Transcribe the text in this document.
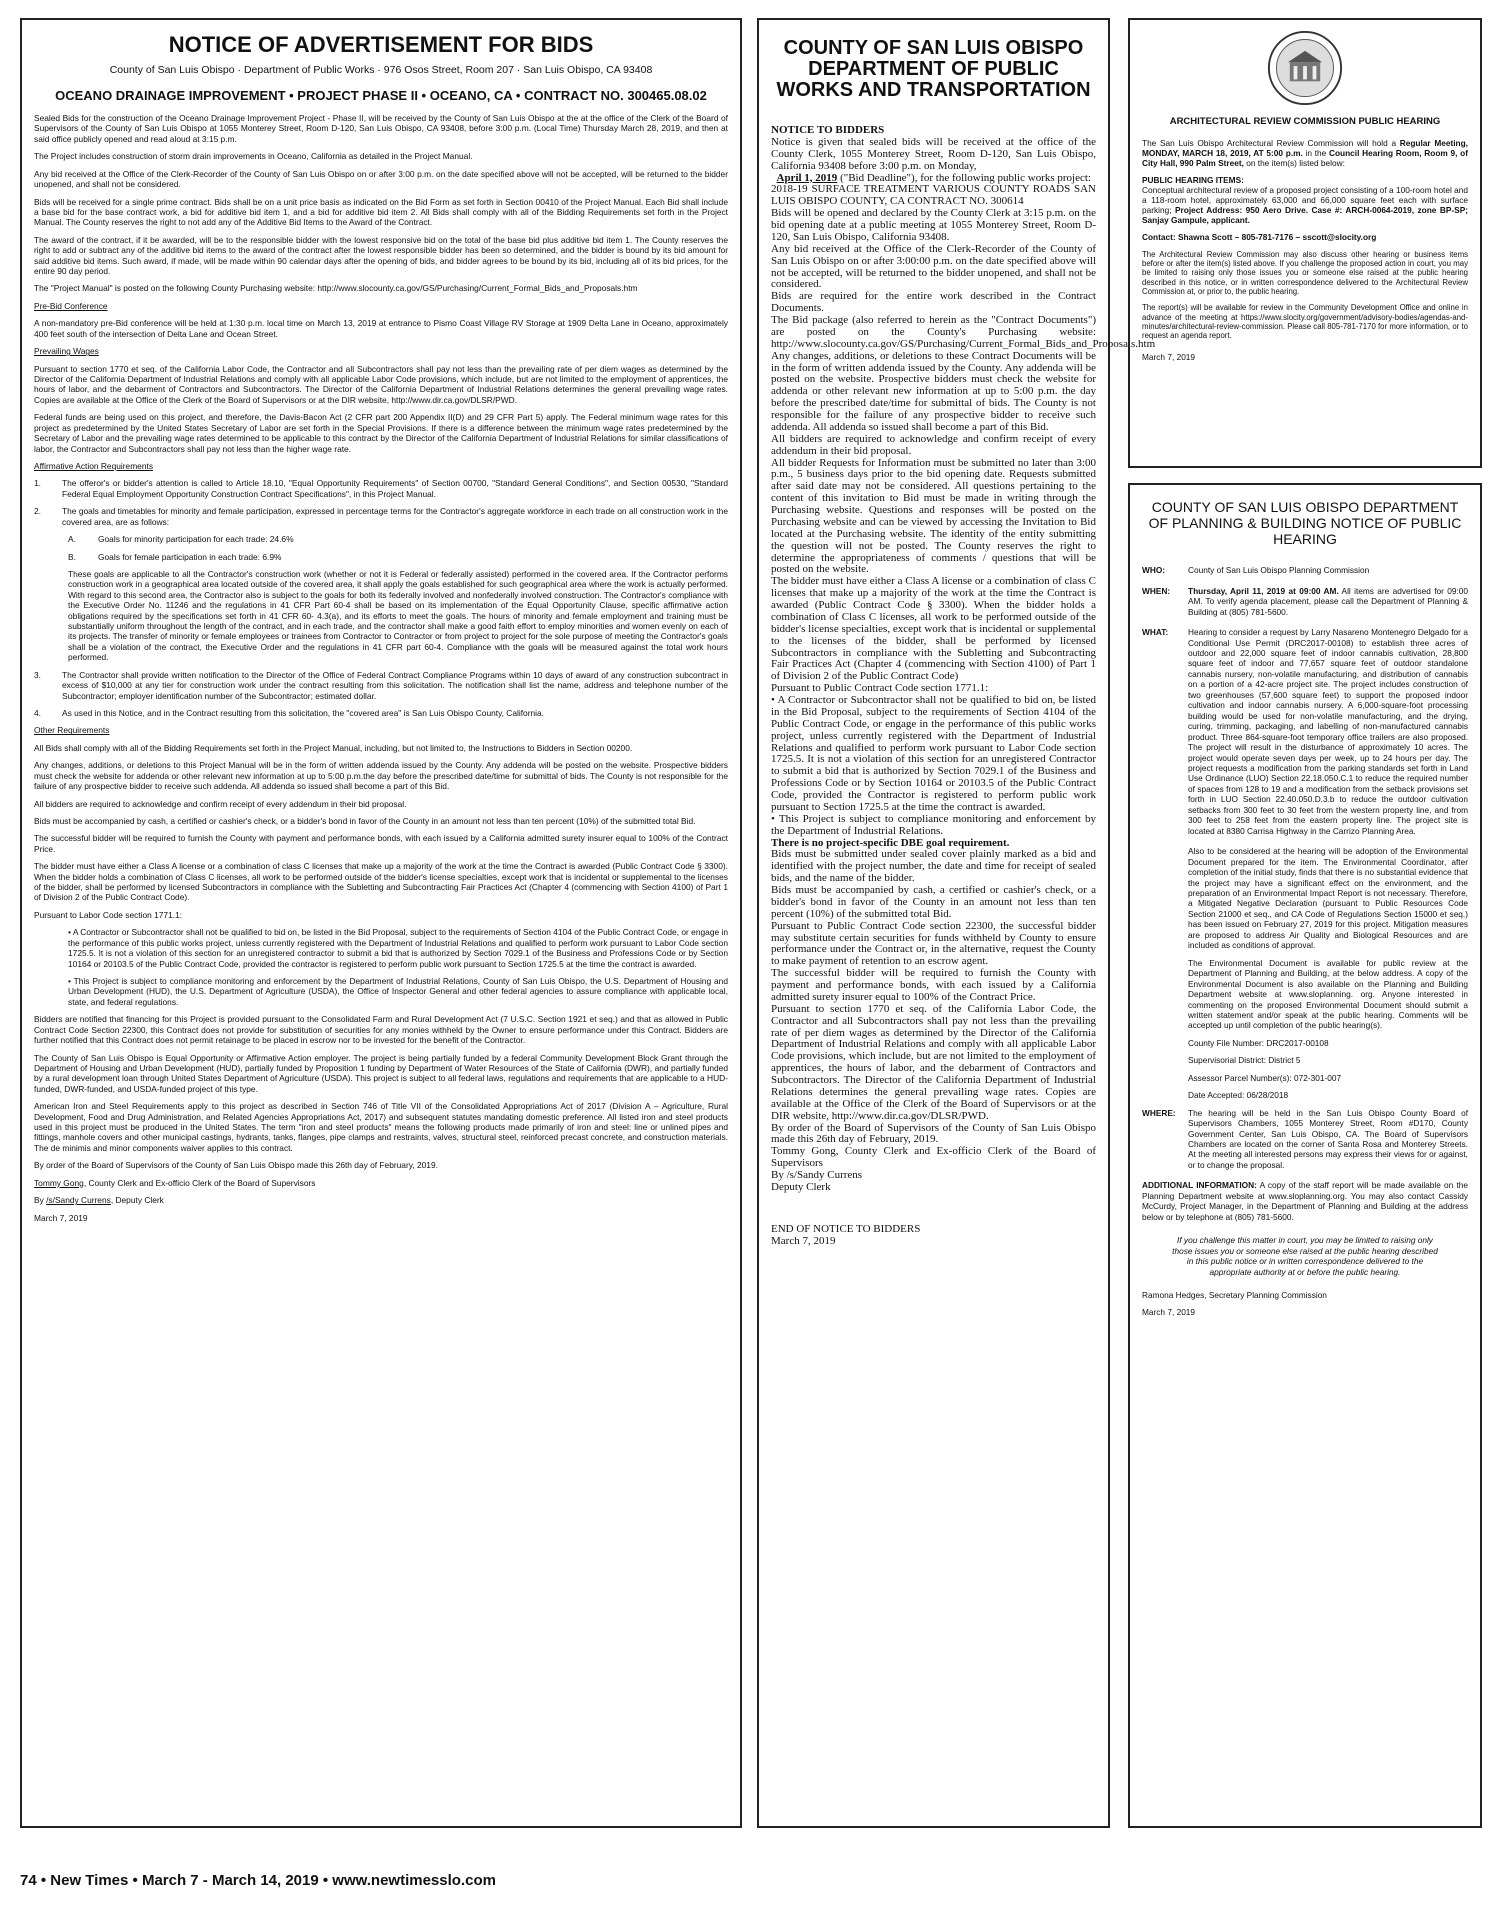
NOTICE OF ADVERTISEMENT FOR BIDS
County of San Luis Obispo · Department of Public Works · 976 Osos Street, Room 207 · San Luis Obispo, CA 93408
OCEANO DRAINAGE IMPROVEMENT • PROJECT PHASE II • OCEANO, CA • CONTRACT NO. 300465.08.02

Sealed Bids for the construction of the Oceano Drainage Improvement Project - Phase II, will be received by the County of San Luis Obispo at the at the office of the Clerk of the Board of Supervisors of the County of San Luis Obispo at 1055 Monterey Street, Room D-120, San Luis Obispo, CA 93408, before 3:00 p.m. (Local Time) Thursday March 28, 2019, and then at said office publicly opened and read aloud at 3:15 p.m.

The Project includes construction of storm drain improvements in Oceano, California as detailed in the Project Manual.

Any bid received at the Office of the Clerk-Recorder of the County of San Luis Obispo on or after 3:00 p.m. on the date specified above will not be accepted, will be returned to the bidder unopened, and shall not be considered.

Bids will be received for a single prime contract. Bids shall be on a unit price basis as indicated on the Bid Form as set forth in Section 00410 of the Project Manual. Each Bid shall include a base bid for the base contract work, a bid for additive bid item 1, and a bid for additive bid item 2. All Bids shall comply with all of the Bidding Requirements set forth in the Project Manual. The County reserves the right to not add any of the Additive Bid Items to the Award of the Contract.

The award of the contract, if it be awarded, will be to the responsible bidder with the lowest responsive bid on the total of the base bid plus additive bid item 1. The County reserves the right to add or subtract any of the additive bid items to the award of the contract after the lowest responsible bidder has been so determined, and the bidder is bound by its bid amount for said additive bid items. Such award, if made, will be made within 90 calendar days after the opening of bids, and bidder agrees to be bound by its bid, including all of its bid prices, for the entire 90 day period.

The "Project Manual" is posted on the following County Purchasing website: http://www.slocounty.ca.gov/GS/Purchasing/Current_Formal_Bids_and_Proposals.htm

Pre-Bid Conference

A non-mandatory pre-Bid conference will be held at 1:30 p.m. local time on March 13, 2019 at entrance to Pismo Coast Village RV Storage at 1909 Delta Lane in Oceano, approximately 400 feet south of the intersection of Delta Lane and Ocean Street.

Prevailing Wages

Pursuant to section 1770 et seq. of the California Labor Code, the Contractor and all Subcontractors shall pay not less than the prevailing rate of per diem wages as determined by the Director of the California Department of Industrial Relations and comply with all applicable Labor Code provisions, which include, but are not limited to the employment of apprentices, the hours of labor, and the debarment of Contractors and Subcontractors. The Director of the California Department of Industrial Relations determines the general prevailing wage rates. Copies are available at the Office of the Clerk of the Board of Supervisors or at the DIR website, http://www.dir.ca.gov/DLSR/PWD.

Federal funds are being used on this project, and therefore, the Davis-Bacon Act (2 CFR part 200 Appendix II(D) and 29 CFR Part 5) apply. The Federal minimum wage rates for this project as predetermined by the United States Secretary of Labor are set forth in the Special Provisions. If there is a difference between the minimum wage rates predetermined by the Secretary of Labor and the prevailing wage rates determined to be applicable to this contract by the Director of the California Department of Industrial Relations for similar classifications of labor, the Contractor and Subcontractors shall pay not less than the higher wage rate.

Affirmative Action Requirements

1.	The offeror's or bidder's attention is called to Article 18.10, "Equal Opportunity Requirements" of Section 00700, "Standard General Conditions", and Section 00530, "Standard Federal Equal Employment Opportunity Construction Contract Specifications", in this Project Manual.

2.	The goals and timetables for minority and female participation, expressed in percentage terms for the Contractor's aggregate workforce in each trade on all construction work in the covered area, are as follows:

A.	Goals for minority participation for each trade: 24.6%

B.	Goals for female participation in each trade: 6.9%

These goals are applicable to all the Contractor's construction work (whether or not it is Federal or federally assisted) performed in the covered area. If the Contractor performs construction work in a geographical area located outside of the covered area, it shall apply the goals established for such geographical area where the work is actually performed. With regard to this second area, the Contractor also is subject to the goals for both its federally involved and nonfederally involved construction. The Contractor's compliance with the Executive Order No. 11246 and the regulations in 41 CFR Part 60-4 shall be based on its implementation of the Equal Opportunity Clause, specific affirmative action obligations required by the specifications set forth in 41 CFR 60- 4.3(a), and its efforts to meet the goals. The hours of minority and female employment and training must be substantially uniform throughout the length of the contract, and in each trade, and the contractor shall make a good faith effort to employ minorities and women evenly on each of its projects. The transfer of minority or female employees or trainees from Contractor to Contractor or from project to project for the sole purpose of meeting the Contractor's goals shall be a violation of the contract, the Executive Order and the regulations in 41 CFR part 60-4. Compliance with the goals will be measured against the total work hours performed.

3.	The Contractor shall provide written notification to the Director of the Office of Federal Contract Compliance Programs within 10 days of award of any construction subcontract in excess of $10,000 at any tier for construction work under the contract resulting from this solicitation. The notification shall list the name, address and telephone number of the Subcontractor; employer identification number of the Subcontractor; estimated dollar.

4.	As used in this Notice, and in the Contract resulting from this solicitation, the "covered area" is San Luis Obispo County, California.

Other Requirements

All Bids shall comply with all of the Bidding Requirements set forth in the Project Manual, including, but not limited to, the Instructions to Bidders in Section 00200.

Any changes, additions, or deletions to this Project Manual will be in the form of written addenda issued by the County. Any addenda will be posted on the website. Prospective bidders must check the website for addenda or other relevant new information at up to 5:00 p.m.the day before the prescribed date/time for submittal of bids. The County is not responsible for the failure of any prospective bidder to receive such addenda. All addenda so issued shall become a part of this Bid.

All bidders are required to acknowledge and confirm receipt of every addendum in their bid proposal.

Bids must be accompanied by cash, a certified or cashier's check, or a bidder's bond in favor of the County in an amount not less than ten percent (10%) of the submitted total Bid.

The successful bidder will be required to furnish the County with payment and performance bonds, with each issued by a California admitted surety insurer equal to 100% of the Contract Price.

The bidder must have either a Class A license or a combination of class C licenses that make up a majority of the work at the time the Contract is awarded (Public Contract Code § 3300). When the bidder holds a combination of Class C licenses, all work to be performed outside of the bidder's license specialties, except work that is incidental or supplemental to the licenses of the bidder, shall be performed by licensed Subcontractors in compliance with the Subletting and Subcontracting Fair Practices Act (Chapter 4 (commencing with Section 4100) of Part 1 of Division 2 of the Public Contract Code).

Pursuant to Labor Code section 1771.1:

• A Contractor or Subcontractor shall not be qualified to bid on, be listed in the Bid Proposal, subject to the requirements of Section 4104 of the Public Contract Code, or engage in the performance of this public works project, unless currently registered with the Department of Industrial Relations and qualified to perform work pursuant to Labor Code section 1725.5. It is not a violation of this section for an unregistered contractor to submit a bid that is authorized by Section 7029.1 of the Business and Professions Code or by Section 10164 or 20103.5 of the Public Contract Code, provided the contractor is registered to perform public work pursuant to Section 1725.5 at the time the contract is awarded.

• This Project is subject to compliance monitoring and enforcement by the Department of Industrial Relations, County of San Luis Obispo, the U.S. Department of Housing and Urban Development (HUD), the U.S. Department of Agriculture (USDA), the Office of Inspector General and other federal agencies to assure compliance with applicable local, state, and federal regulations.

Bidders are notified that financing for this Project is provided pursuant to the Consolidated Farm and Rural Development Act (7 U.S.C. Section 1921 et seq.) and that as allowed in Public Contract Code Section 22300, this Contract does not provide for substitution of securities for any monies withheld by the Owner to ensure performance under this Contract. Bidders are further notified that this Contract does not permit retainage to be placed in escrow nor to be invested for the benefit of the Contractor.

The County of San Luis Obispo is Equal Opportunity or Affirmative Action employer. The project is being partially funded by a federal Community Development Block Grant through the Department of Housing and Urban Development (HUD), partially funded by Proposition 1 funding by Department of Water Resources of the State of California (DWR), and partially funded by a rural development loan through United States Department of Agriculture (USDA). This project is subject to all federal laws, regulations and requirements that are applicable to a HUD-funded, DWR-funded, and USDA-funded project of this type.

American Iron and Steel Requirements apply to this project as described in Section 746 of Title VII of the Consolidated Appropriations Act of 2017 (Division A – Agriculture, Rural Development, Food and Drug Administration, and Related Agencies Appropriations Act, 2017) and subsequent statutes mandating domestic preference. All listed iron and steel products used in this project must be produced in the United States. The term "iron and steel products" means the following products made primarily of iron and steel: line or unlined pipes and fittings, manhole covers and other municipal castings, hydrants, tanks, flanges, pipe clamps and restraints, valves, structural steel, reinforced precast concrete, and construction materials. The de minimis and minor components waiver applies to this contract.

By order of the Board of Supervisors of the County of San Luis Obispo made this 26th day of February, 2019.

Tommy Gong, County Clerk and Ex-officio Clerk of the Board of Supervisors

By /s/Sandy Currens, Deputy Clerk

March 7, 2019

COUNTY OF SAN LUIS OBISPO DEPARTMENT OF PUBLIC WORKS AND TRANSPORTATION
NOTICE TO BIDDERS
Notice is given that sealed bids will be received at the office of the County Clerk, 1055 Monterey Street, Room D-120, San Luis Obispo, California 93408 before 3:00 p.m. on Monday,
April 1, 2019 ("Bid Deadline"), for the following public works project:
2018-19 SURFACE TREATMENT VARIOUS COUNTY ROADS SAN LUIS OBISPO COUNTY, CA CONTRACT NO. 300614
Bids will be opened and declared by the County Clerk at 3:15 p.m. on the bid opening date at a public meeting at 1055 Monterey Street, Room D-120, San Luis Obispo, California 93408.
Any bid received at the Office of the Clerk-Recorder of the County of San Luis Obispo on or after 3:00:00 p.m. on the date specified above will not be accepted, will be returned to the bidder unopened, and shall not be considered.
Bids are required for the entire work described in the Contract Documents.
The Bid package (also referred to herein as the "Contract Documents") are posted on the County's Purchasing website: http://www.slocounty.ca.gov/GS/Purchasing/Current_Formal_Bids_and_Proposals.htm
Any changes, additions, or deletions to these Contract Documents will be in the form of written addenda issued by the County. Any addenda will be posted on the website. Prospective bidders must check the website for addenda or other relevant new information at up to 5:00 p.m. the day before the prescribed date/time for submittal of bids. The County is not responsible for the failure of any prospective bidder to receive such addenda. All addenda so issued shall become a part of this Bid.
All bidders are required to acknowledge and confirm receipt of every addendum in their bid proposal.
All bidder Requests for Information must be submitted no later than 3:00 p.m., 5 business days prior to the bid opening date. Requests submitted after said date may not be considered. All questions pertaining to the content of this invitation to Bid must be made in writing through the Purchasing website. Questions and responses will be posted on the Purchasing website and can be viewed by accessing the Invitation to Bid located at the Purchasing website. The identity of the entity submitting the question will not be posted. The County reserves the right to determine the appropriateness of comments / questions that will be posted on the website.
The bidder must have either a Class A license or a combination of class C licenses that make up a majority of the work at the time the Contract is awarded (Public Contract Code § 3300). When the bidder holds a combination of Class C licenses, all work to be performed outside of the bidder's license specialties, except work that is incidental or supplemental to the licenses of the bidder, shall be performed by licensed Subcontractors in compliance with the Subletting and Subcontracting Fair Practices Act (Chapter 4 (commencing with Section 4100) of Part 1 of Division 2 of the Public Contract Code)
Pursuant to Public Contract Code section 1771.1:
• A Contractor or Subcontractor shall not be qualified to bid on, be listed in the Bid Proposal, subject to the requirements of Section 4104 of the Public Contract Code, or engage in the performance of this public works project, unless currently registered with the Department of Industrial Relations and qualified to perform work pursuant to Labor Code section 1725.5. It is not a violation of this section for an unregistered Contractor to submit a bid that is authorized by Section 7029.1 of the Business and Professions Code or by Section 10164 or 20103.5 of the Public Contract Code, provided the Contractor is registered to perform public work pursuant to Section 1725.5 at the time the contract is awarded.
• This Project is subject to compliance monitoring and enforcement by the Department of Industrial Relations.
There is no project-specific DBE goal requirement.
Bids must be submitted under sealed cover plainly marked as a bid and identified with the project number, the date and time for receipt of sealed bids, and the name of the bidder.
Bids must be accompanied by cash, a certified or cashier's check, or a bidder's bond in favor of the County in an amount not less than ten percent (10%) of the submitted total Bid.
Pursuant to Public Contract Code section 22300, the successful bidder may substitute certain securities for funds withheld by County to ensure performance under the Contract or, in the alternative, request the County to make payment of retention to an escrow agent.
The successful bidder will be required to furnish the County with payment and performance bonds, with each issued by a California admitted surety insurer equal to 100% of the Contract Price.
Pursuant to section 1770 et seq. of the California Labor Code, the Contractor and all Subcontractors shall pay not less than the prevailing rate of per diem wages as determined by the Director of the California Department of Industrial Relations and comply with all applicable Labor Code provisions, which include, but are not limited to the employment of apprentices, the hours of labor, and the debarment of Contractors and Subcontractors. The Director of the California Department of Industrial Relations determines the general prevailing wage rates. Copies are available at the Office of the Clerk of the Board of Supervisors or at the DIR website, http://www.dir.ca.gov/DLSR/PWD.
By order of the Board of Supervisors of the County of San Luis Obispo made this 26th day of February, 2019.
Tommy Gong, County Clerk and Ex-officio Clerk of the Board of Supervisors
By /s/Sandy Currens
Deputy Clerk
END OF NOTICE TO BIDDERS
March 7, 2019
ARCHITECTURAL REVIEW COMMISSION PUBLIC HEARING

The San Luis Obispo Architectural Review Commission will hold a Regular Meeting, MONDAY, MARCH 18, 2019, AT 5:00 p.m. in the Council Hearing Room, Room 9, of City Hall, 990 Palm Street, on the item(s) listed below:

PUBLIC HEARING ITEMS:

Conceptual architectural review of a proposed project consisting of a 100-room hotel and a 118-room hotel, approximately 63,000 and 66,000 square feet each with surface parking; Project Address: 950 Aero Drive. Case #: ARCH-0064-2019, zone BP-SP; Sanjay Gampule, applicant.

Contact: Shawna Scott – 805-781-7176 – sscott@slocity.org

The Architectural Review Commission may also discuss other hearing or business items before or after the item(s) listed above. If you challenge the proposed action in court, you may be limited to raising only those issues you or someone else raised at the public hearing described in this notice, or in written correspondence delivered to the Architectural Review Commission at, or prior to, the public hearing.

The report(s) will be available for review in the Community Development Office and online in advance of the meeting at https://www.slocity.org/government/advisory-bodies/agendas-and-minutes/architectural-review-commission. Please call 805-781-7170 for more information, or to request an agenda report.

March 7, 2019

COUNTY OF SAN LUIS OBISPO DEPARTMENT OF PLANNING & BUILDING NOTICE OF PUBLIC HEARING
WHO:	County of San Luis Obispo Planning Commission
WHEN:	Thursday, April 11, 2019 at 09:00 AM. All items are advertised for 09:00 AM. To verify agenda placement, please call the Department of Planning & Building at (805) 781-5600.
WHAT:	Hearing to consider a request by Larry Nasareno Montenegro Delgado for a Conditional Use Permit (DRC2017-00108) to establish three acres of outdoor and 22,000 square feet of indoor cannabis cultivation, 28,800 square feet of indoor and 77,657 square feet of outdoor standalone cannabis nursery, non-volatile manufacturing, and distribution of cannabis on a portion of a 42-acre project site. The project includes construction of two greenhouses (57,600 square feet) to support the proposed indoor cultivation and indoor cannabis nursery. A 6,000-square-foot processing building would be used for non-volatile manufacturing, and the drying, curing, trimming, packaging, and labelling of non-manufactured cannabis product. Three 864-square-foot temporary office trailers are also proposed. The project will result in the disturbance of approximately 10 acres. The project would operate seven days per week, up to 24 hours per day. The project requests a modification from the parking standards set forth in Land Use Ordinance (LUO) Section 22.18.050.C.1 to reduce the required number of spaces from 128 to 19 and a modification from the setback provisions set forth in LUO Section 22.40.050.D.3.b to reduce the outdoor cultivation setbacks from 300 feet to 30 feet from the western property line, and from 300 feet to 258 feet from the eastern property line. The project site is located at 8380 Carrisa Highway in the Carrizo Planning Area.

Also to be considered at the hearing will be adoption of the Environmental Document prepared for the item. The Environmental Coordinator, after completion of the initial study, finds that there is no substantial evidence that the project may have a significant effect on the environment, and the preparation of an Environmental Impact Report is not necessary. Therefore, a Mitigated Negative Declaration (pursuant to Public Resources Code Section 21000 et seq., and CA Code of Regulations Section 15000 et seq.) has been issued on February 27, 2019 for this project. Mitigation measures are proposed to address Air Quality and Biological Resources and are included as conditions of approval.

The Environmental Document is available for public review at the Department of Planning and Building, at the below address. A copy of the Environmental Document is also available on the Planning and Building Department website at www.sloplanning. org. Anyone interested in commenting on the proposed Environmental Document should submit a written statement and/or speak at the public hearing. Comments will be accepted up until completion of the public hearing(s).

County File Number: DRC2017-00108

Supervisorial District: District 5

Assessor Parcel Number(s): 072-301-007

Date Accepted: 06/28/2018

WHERE:	The hearing will be held in the San Luis Obispo County Board of Supervisors Chambers, 1055 Monterey Street, Room #D170, County Government Center, San Luis Obispo, CA. The Board of Supervisors Chambers are located on the corner of Santa Rosa and Monterey Streets. At the meeting all interested persons may express their views for or against, or to change the proposal.

ADDITIONAL INFORMATION: A copy of the staff report will be made available on the Planning Department website at www.sloplanning.org. You may also contact Cassidy McCurdy, Project Manager, in the Department of Planning and Building at the address below or by telephone at (805) 781-5600.

If you challenge this matter in court, you may be limited to raising only those issues you or someone else raised at the public hearing described in this public notice or in written correspondence delivered to the appropriate authority at or before the public hearing.

Ramona Hedges, Secretary Planning Commission

March 7, 2019

74 • New Times • March 7 - March 14, 2019 • www.newtimesslo.com
